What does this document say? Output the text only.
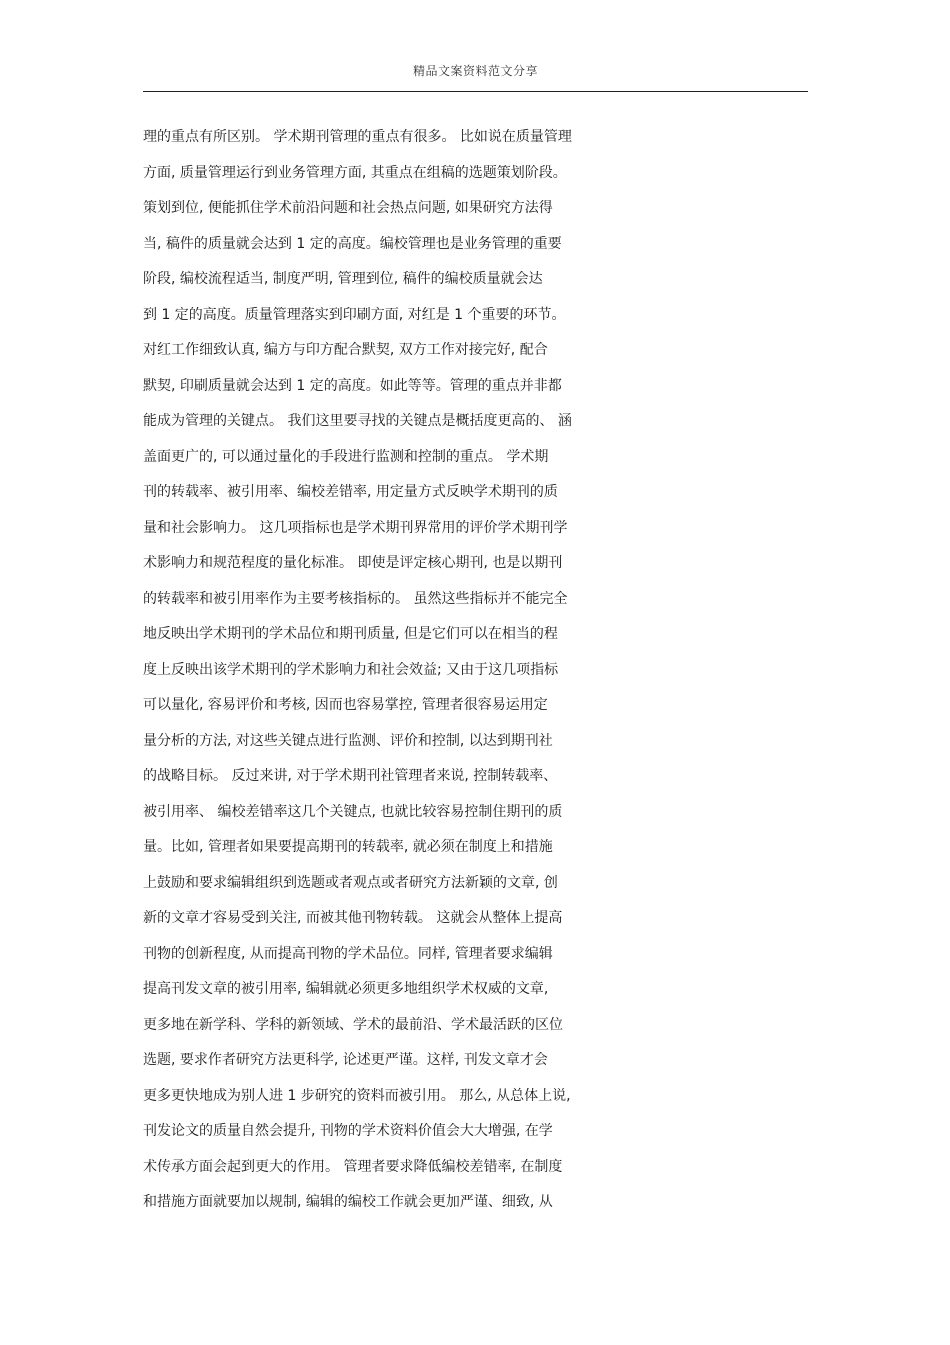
精品文案资料范文分享
理的重点有所区别。 学术期刊管理的重点有很多。 比如说在质量管理
方面, 质量管理运行到业务管理方面, 其重点在组稿的选题策划阶段。
策划到位, 便能抓住学术前沿问题和社会热点问题, 如果研究方法得
当, 稿件的质量就会达到 1 定的高度。编校管理也是业务管理的重要
阶段, 编校流程适当, 制度严明, 管理到位, 稿件的编校质量就会达
到 1 定的高度。质量管理落实到印刷方面, 对红是 1 个重要的环节。
对红工作细致认真, 编方与印方配合默契, 双方工作对接完好, 配合
默契, 印刷质量就会达到 1 定的高度。如此等等。管理的重点并非都
能成为管理的关键点。 我们这里要寻找的关键点是概括度更高的、 涵
盖面更广的, 可以通过量化的手段进行监测和控制的重点。 学术期
刊的转载率、被引用率、编校差错率, 用定量方式反映学术期刊的质
量和社会影响力。 这几项指标也是学术期刊界常用的评价学术期刊学
术影响力和规范程度的量化标准。 即使是评定核心期刊, 也是以期刊
的转载率和被引用率作为主要考核指标的。 虽然这些指标并不能完全
地反映出学术期刊的学术品位和期刊质量, 但是它们可以在相当的程
度上反映出该学术期刊的学术影响力和社会效益; 又由于这几项指标
可以量化, 容易评价和考核, 因而也容易掌控, 管理者很容易运用定
量分析的方法, 对这些关键点进行监测、评价和控制, 以达到期刊社
的战略目标。 反过来讲, 对于学术期刊社管理者来说, 控制转载率、
被引用率、 编校差错率这几个关键点, 也就比较容易控制住期刊的质
量。比如, 管理者如果要提高期刊的转载率, 就必须在制度上和措施
上鼓励和要求编辑组织到选题或者观点或者研究方法新颖的文章, 创
新的文章才容易受到关注, 而被其他刊物转载。 这就会从整体上提高
刊物的创新程度, 从而提高刊物的学术品位。同样, 管理者要求编辑
提高刊发文章的被引用率, 编辑就必须更多地组织学术权威的文章,
更多地在新学科、学科的新领域、学术的最前沿、学术最活跃的区位
选题, 要求作者研究方法更科学, 论述更严谨。这样, 刊发文章才会
更多更快地成为别人进 1 步研究的资料而被引用。 那么, 从总体上说,
刊发论文的质量自然会提升, 刊物的学术资料价值会大大增强, 在学
术传承方面会起到更大的作用。 管理者要求降低编校差错率, 在制度
和措施方面就要加以规制, 编辑的编校工作就会更加严谨、细致, 从
